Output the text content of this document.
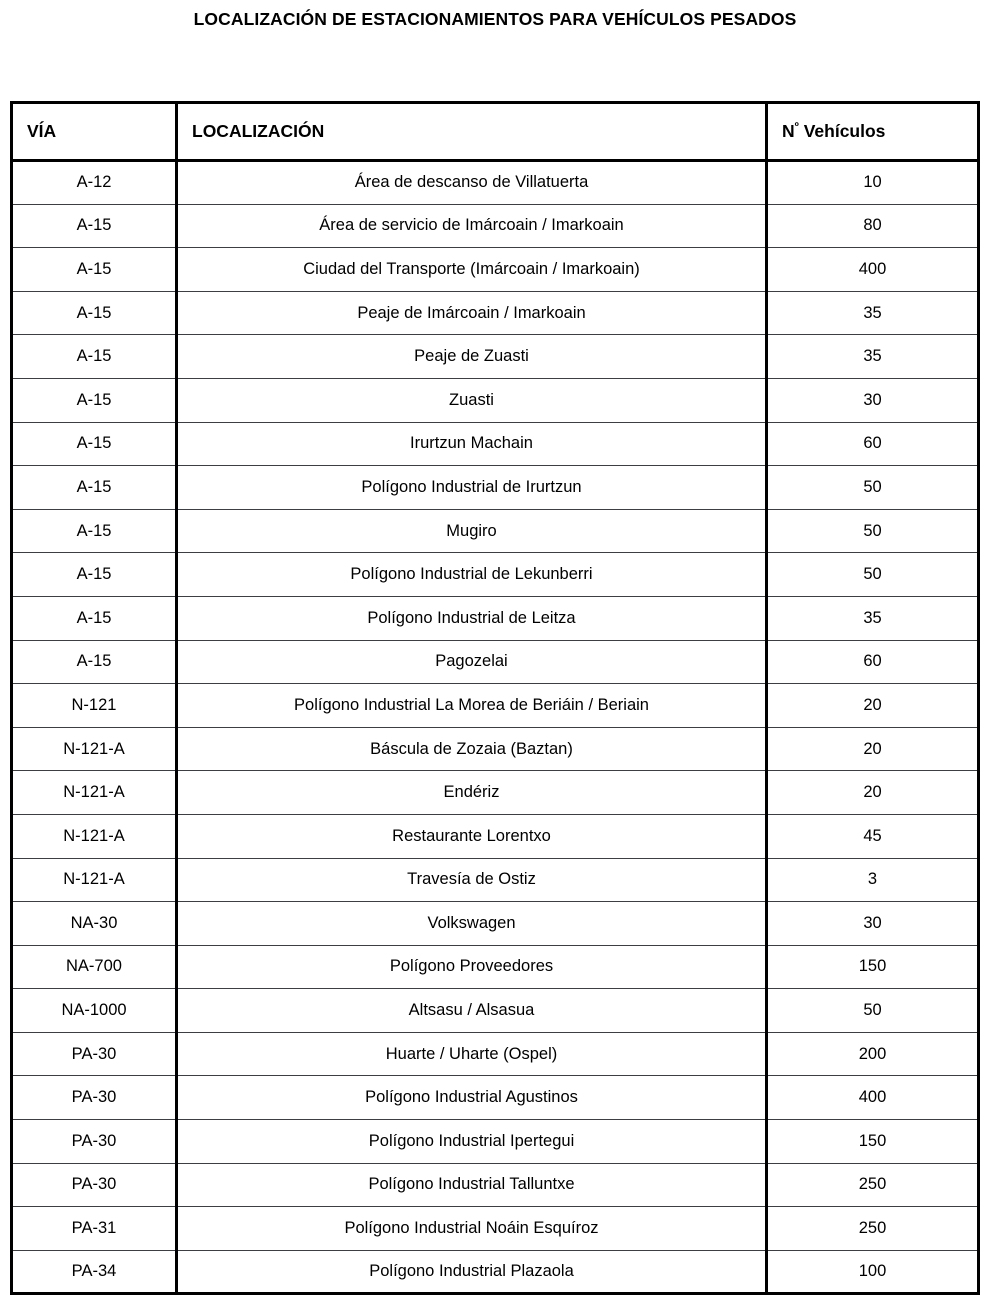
LOCALIZACIÓN DE ESTACIONAMIENTOS PARA VEHÍCULOS PESADOS
VÍA	LOCALIZACIÓN	$N^º$ Vehículos
A-12	Área de descanso de Villatuerta	10
A-15	Área de servicio de Imárcoain / Imarkoain	80
A-15	Ciudad del Transporte (Imárcoain / Imarkoain)	400
A-15	Peaje de Imárcoain / Imarkoain	35
A-15	Peaje de Zuasti	35
A-15	Zuasti	30
A-15	Irurtzun Machain	60
A-15	Polígono Industrial de Irurtzun	50
A-15	Mugiro	50
A-15	Polígono Industrial de Lekunberri	50
A-15	Polígono Industrial de Leitza	35
A-15	Pagozelai	60
N-121	Polígono Industrial La Morea de Beriáin / Beriain	20
N-121-A	Báscula de Zozaia (Baztan)	20
N-121-A	Endériz	20
N-121-A	Restaurante Lorentxo	45
N-121-A	Travesía de Ostiz	3
NA-30	Volkswagen	30
NA-700	Polígono Proveedores	150
NA-1000	Altsasu / Alsasua	50
PA-30	Huarte / Uharte (Ospel)	200
PA-30	Polígono Industrial Agustinos	400
PA-30	Polígono Industrial Ipertegui	150
PA-30	Polígono Industrial Talluntxe	250
PA-31	Polígono Industrial Noáin Esquíroz	250
PA-34	Polígono Industrial Plazaola	100
